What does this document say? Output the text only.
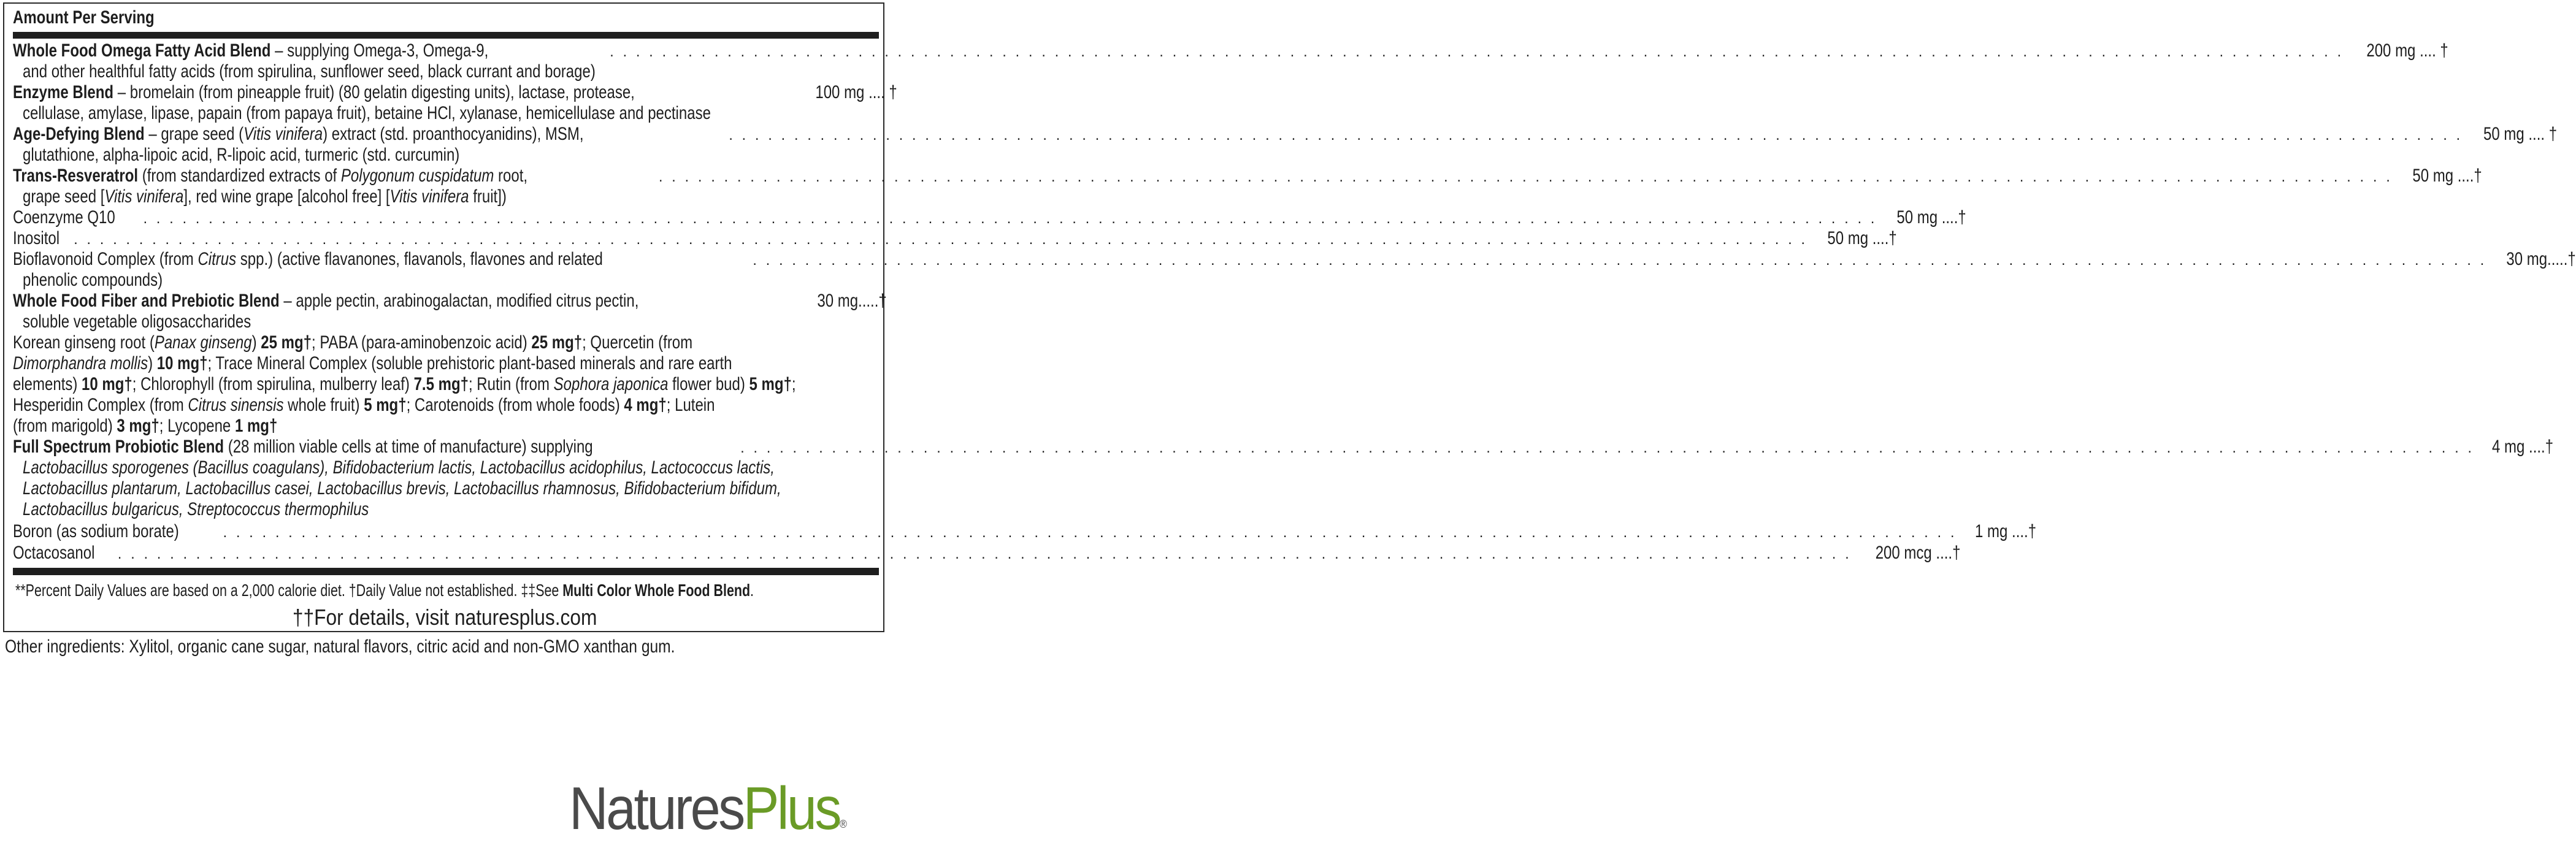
Amount Per Serving
Whole Food Omega Fatty Acid Blend – supplying Omega-3, Omega-9,	. . . . . . . . . . . . . . . . . . . . . . . . . . . . . . . . . . . . . . . . . . . . . . . . . . . . . . . . . . . . . . . . . . . . . . . . . . . . . . . . . . . . . . . . . . . . . . . . . . . . . . . . . . . . . . . . . . . . . . . . . . . . . . . . . . . . . 200 mg .... †
and other healthful fatty acids (from spirulina, sunflower seed, black currant and borage)
Enzyme Blend – bromelain (from pineapple fruit) (80 gelatin digesting units), lactase, protease,	100 mg .... †
cellulase, amylase, lipase, papain (from papaya fruit), betaine HCl, xylanase, hemicellulase and pectinase
Age-Defying Blend – grape seed (Vitis vinifera) extract (std. proanthocyanidins), MSM,	. . . . . . . . . . . . . . . . . . . . . . . . . . . . . . . . . . . . . . . . . . . . . . . . . . . . . . . . . . . . . . . . . . . . . . . . . . . . . . . . . . . . . . . . . . . . . . . . . . . . . . . . . . . . . . . . . . . . . . . . . . . . . . . . . . . . . 50 mg .... †
glutathione, alpha-lipoic acid, R-lipoic acid, turmeric (std. curcumin)
Trans-Resveratrol (from standardized extracts of Polygonum cuspidatum root,	. . . . . . . . . . . . . . . . . . . . . . . . . . . . . . . . . . . . . . . . . . . . . . . . . . . . . . . . . . . . . . . . . . . . . . . . . . . . . . . . . . . . . . . . . . . . . . . . . . . . . . . . . . . . . . . . . . . . . . . . . . . . . . . . . . . . . 50 mg ....†
grape seed [Vitis vinifera], red wine grape [alcohol free] [Vitis vinifera fruit])
Coenzyme Q10 . . . . . . . . . . . . . . . . . . . . . . . . . . . . . . . . . . . . . . . . . . . . . . . . . . . . . . . . . . . . . . . . . . . . . . . . . . . . . . . . . . . . . . . . . . . . . . . . . . . . . . . . . . . . . . . . . . . . . . . . . . . . . . . . . . . . . 50 mg ....†
Inositol . . . . . . . . . . . . . . . . . . . . . . . . . . . . . . . . . . . . . . . . . . . . . . . . . . . . . . . . . . . . . . . . . . . . . . . . . . . . . . . . . . . . . . . . . . . . . . . . . . . . . . . . . . . . . . . . . . . . . . . . . . . . . . . . . . . . . 50 mg ....†
Bioflavonoid Complex (from Citrus spp.) (active flavanones, flavanols, flavones and related	. . . . . . . . . . . . . . . . . . . . . . . . . . . . . . . . . . . . . . . . . . . . . . . . . . . . . . . . . . . . . . . . . . . . . . . . . . . . . . . . . . . . . . . . . . . . . . . . . . . . . . . . . . . . . . . . . . . . . . . . . . . . . . . . . . . . . 30 mg.....†
phenolic compounds)
Whole Food Fiber and Prebiotic Blend – apple pectin, arabinogalactan, modified citrus pectin,	30 mg.....†
soluble vegetable oligosaccharides
Korean ginseng root (Panax ginseng) 25 mg†; PABA (para-aminobenzoic acid) 25 mg†; Quercetin (from
Dimorphandra mollis) 10 mg†; Trace Mineral Complex (soluble prehistoric plant-based minerals and rare earth
elements) 10 mg†; Chlorophyll (from spirulina, mulberry leaf) 7.5 mg†; Rutin (from Sophora japonica flower bud) 5 mg†;
Hesperidin Complex (from Citrus sinensis whole fruit) 5 mg†; Carotenoids (from whole foods) 4 mg†; Lutein
(from marigold) 3 mg†; Lycopene 1 mg†
Full Spectrum Probiotic Blend (28 million viable cells at time of manufacture) supplying	. . . . . . . . . . . . . . . . . . . . . . . . . . . . . . . . . . . . . . . . . . . . . . . . . . . . . . . . . . . . . . . . . . . . . . . . . . . . . . . . . . . . . . . . . . . . . . . . . . . . . . . . . . . . . . . . . . . . . . . . . . . . . . . . . . . . . 4 mg ....†
Lactobacillus sporogenes (Bacillus coagulans), Bifidobacterium lactis, Lactobacillus acidophilus, Lactococcus lactis,
Lactobacillus plantarum, Lactobacillus casei, Lactobacillus brevis, Lactobacillus rhamnosus, Bifidobacterium bifidum,
Lactobacillus bulgaricus, Streptococcus thermophilus
Boron (as sodium borate)	. . . . . . . . . . . . . . . . . . . . . . . . . . . . . . . . . . . . . . . . . . . . . . . . . . . . . . . . . . . . . . . . . . . . . . . . . . . . . . . . . . . . . . . . . . . . . . . . . . . . . . . . . . . . . . . . . . . . . . . . . . . . . . . . . . . . . 1 mg ....†
Octacosanol . . . . . . . . . . . . . . . . . . . . . . . . . . . . . . . . . . . . . . . . . . . . . . . . . . . . . . . . . . . . . . . . . . . . . . . . . . . . . . . . . . . . . . . . . . . . . . . . . . . . . . . . . . . . . . . . . . . . . . . . . . . . . . . . . . . . . 200 mcg ....†
**Percent Daily Values are based on a 2,000 calorie diet. †Daily Value not established. ‡‡See Multi Color Whole Food Blend.
††For details, visit naturesplus.com
Other ingredients: Xylitol, organic cane sugar, natural flavors, citric acid and non-GMO xanthan gum.
NaturesPlus®
